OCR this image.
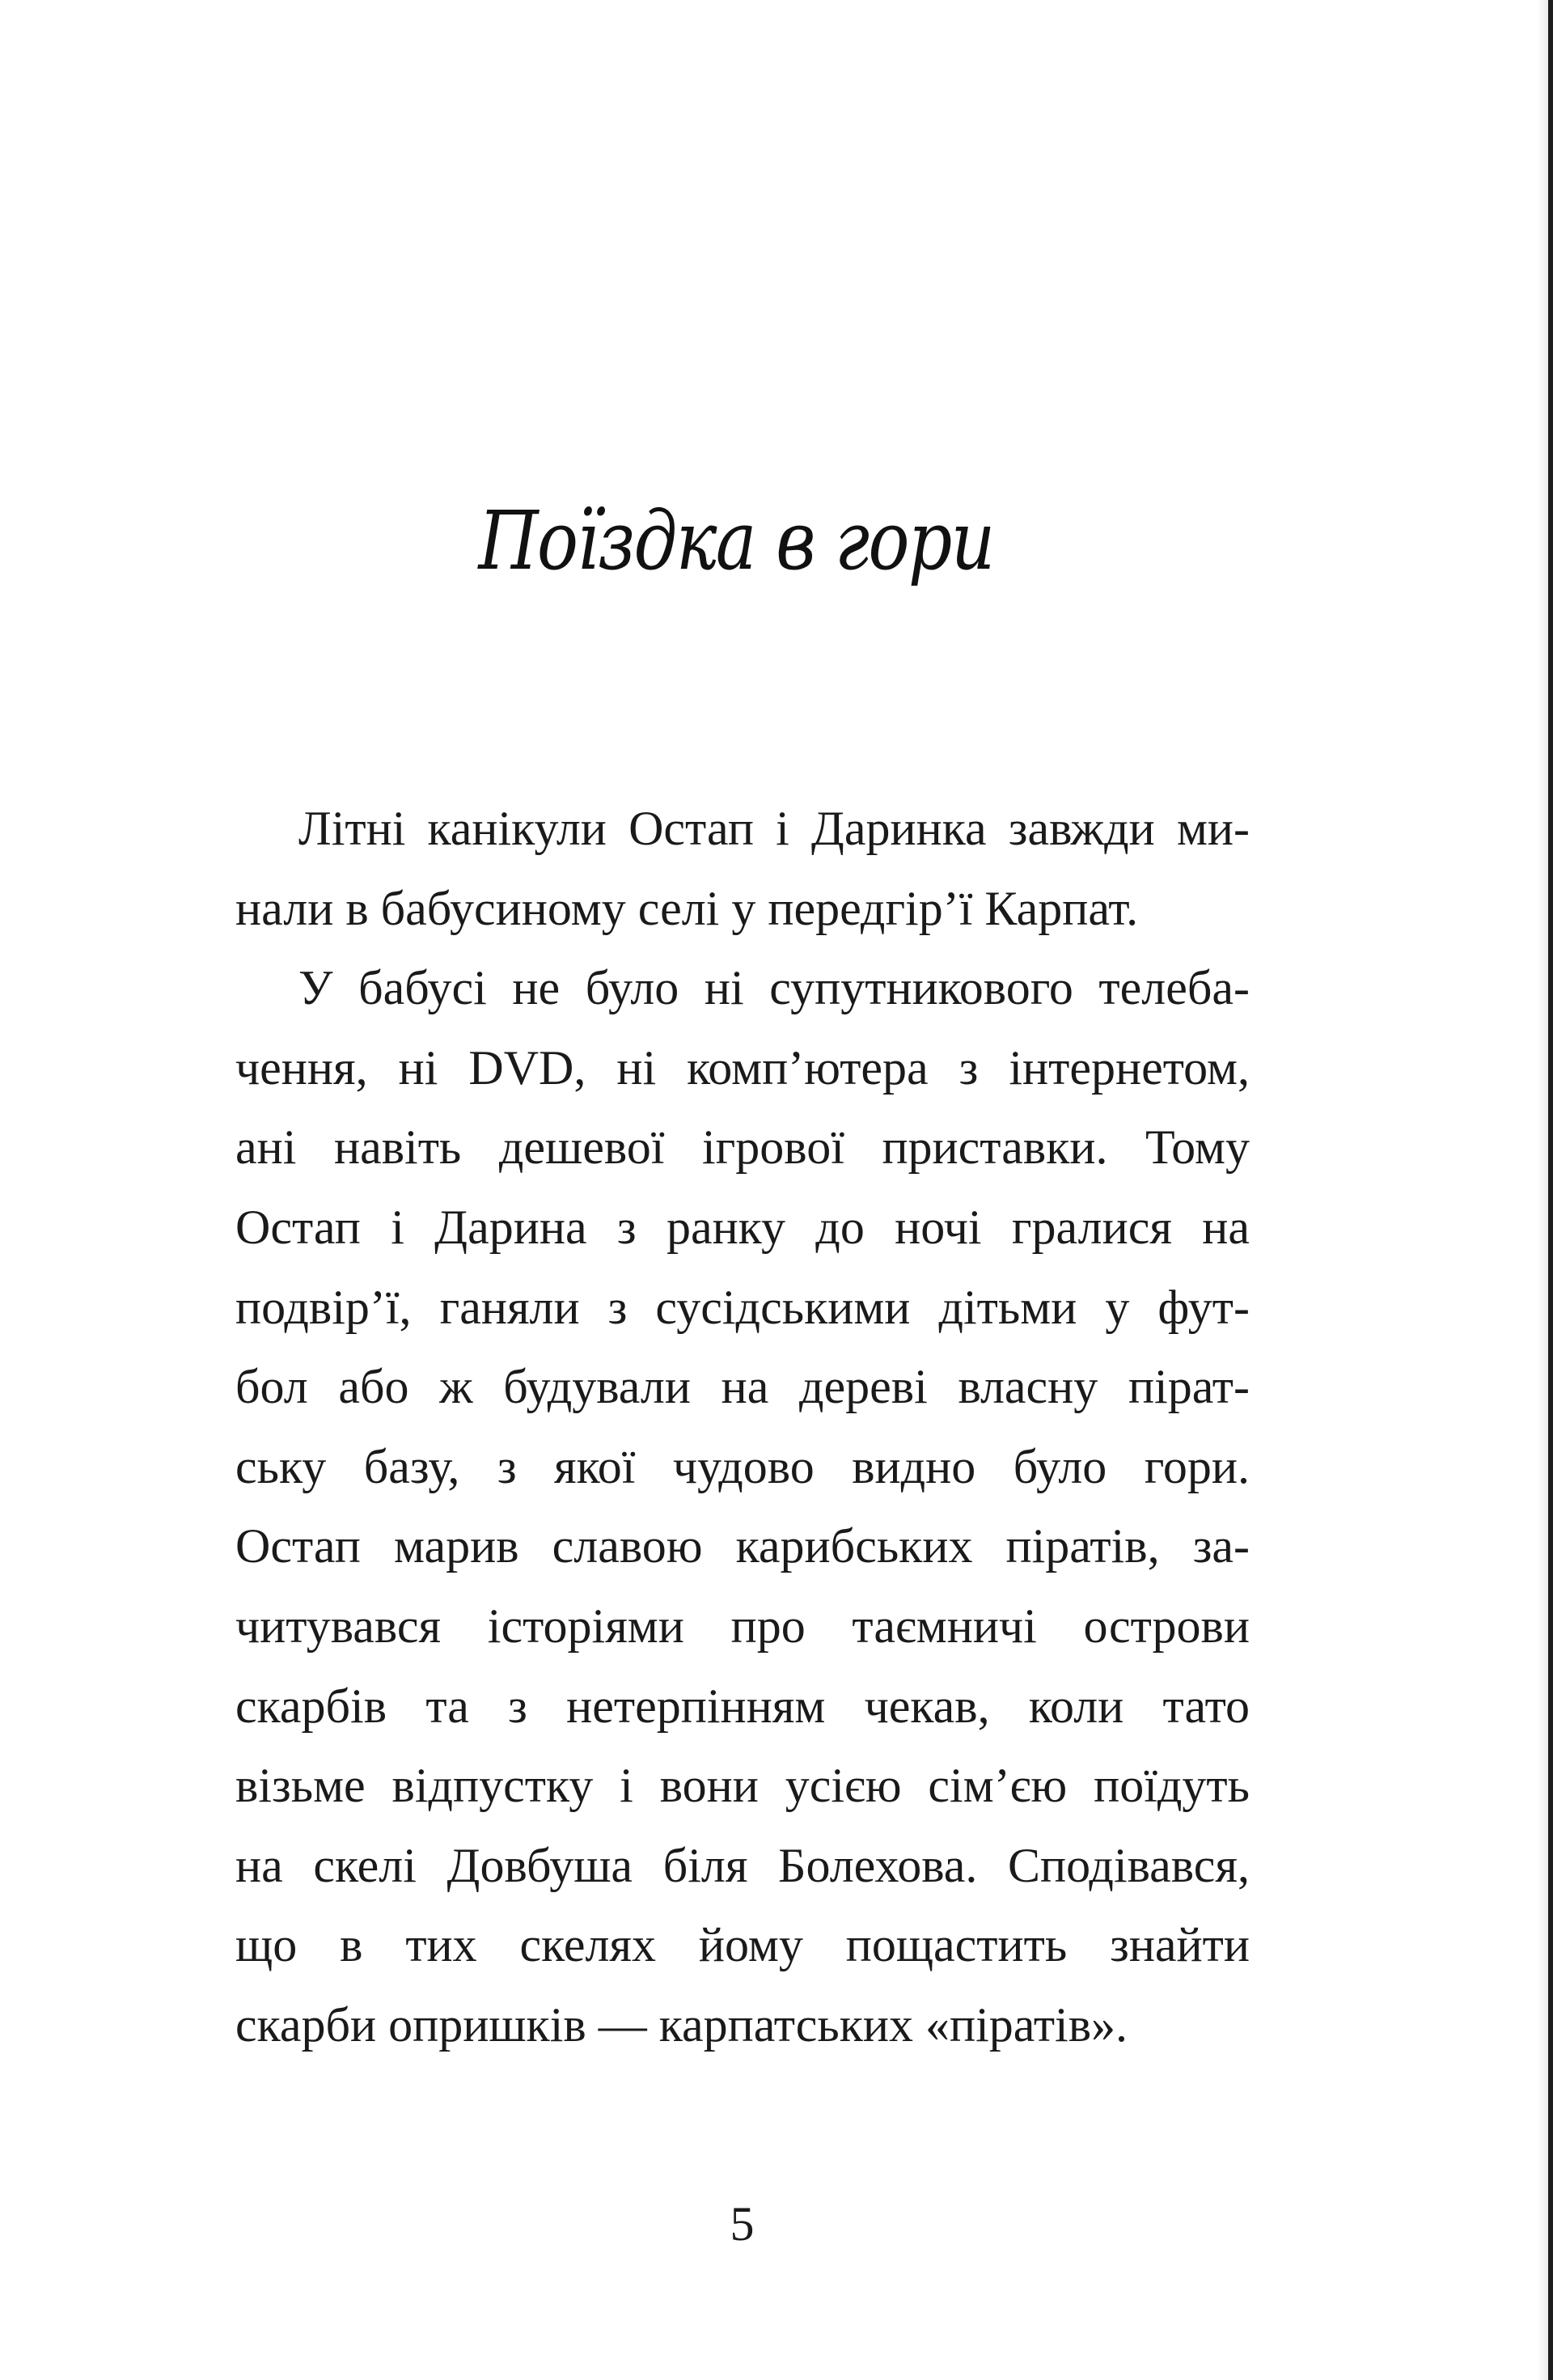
Поїздка в гори
Літні канікули Остап і Даринка завжди ми-
нали в бабусиному селі у передгір’ї Карпат.
У бабусі не було ні супутникового телеба-
чення, ні DVD, ні комп’ютера з інтернетом,
ані навіть дешевої ігрової приставки. Тому
Остап і Дарина з ранку до ночі гралися на
подвір’ї, ганяли з сусідськими дітьми у фут-
бол або ж будували на дереві власну пірат-
ську базу, з якої чудово видно було гори.
Остап марив славою карибських піратів, за-
читувався історіями про таємничі острови
скарбів та з нетерпінням чекав, коли тато
візьме відпустку і вони усією сім’єю поїдуть
на скелі Довбуша біля Болехова. Сподівався,
що в тих скелях йому пощастить знайти
скарби опришків — карпатських «піратів».
5
